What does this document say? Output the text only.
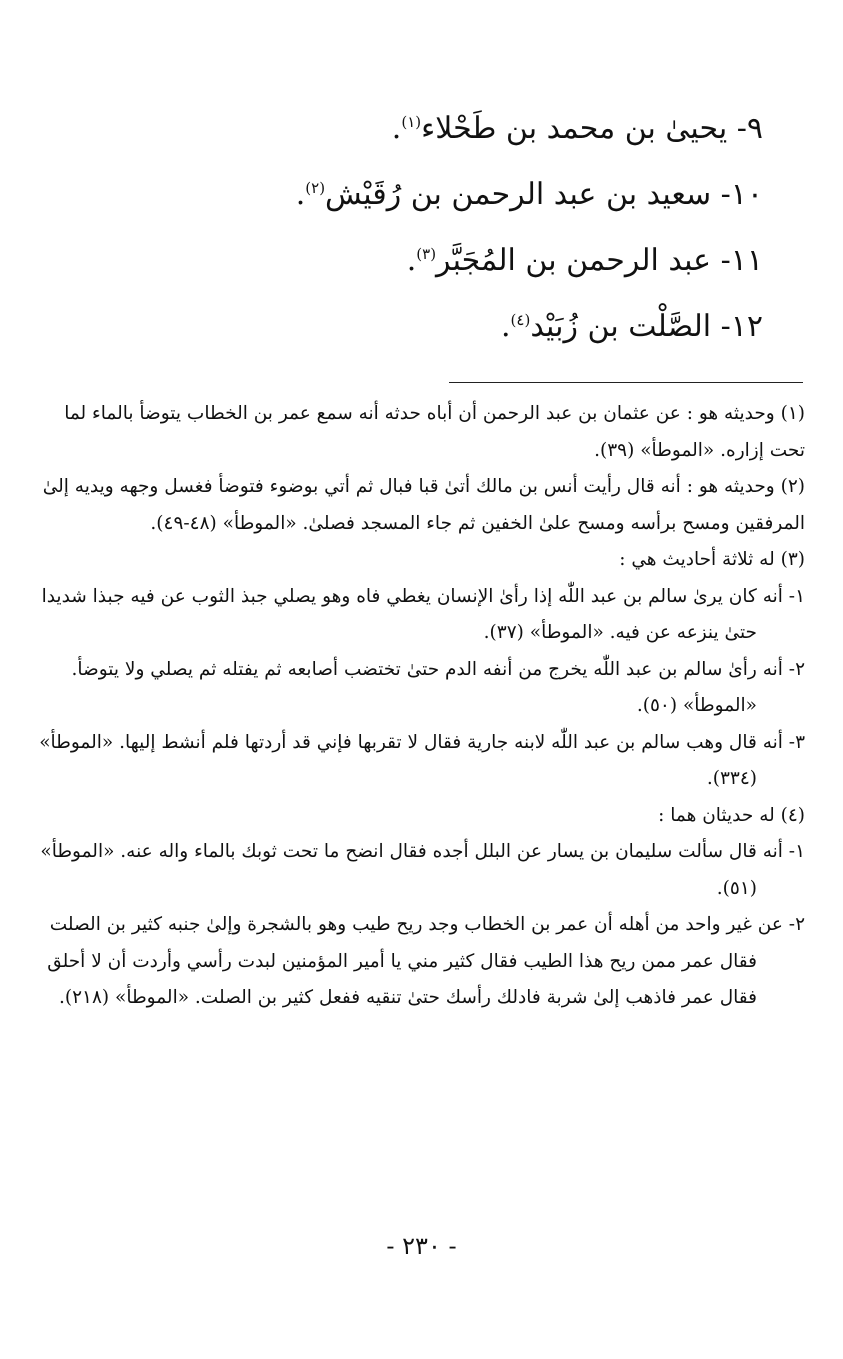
٩- يحيىٰ بن محمد بن طَحْلاء$^{(١)}$.
١٠- سعيد بن عبد الرحمن بن رُقَيْش$^{(٢)}$.
١١- عبد الرحمن بن المُجَبَّر$^{(٣)}$.
١٢- الصَّلْت بن زُبَيْد$^{(٤)}$.

(١) وحديثه هو : عن عثمان بن عبد الرحمن أن أباه حدثه أنه سمع عمر بن الخطاب يتوضأ بالماء لما تحت إزاره. «الموطأ» (٣٩).

(٢) وحديثه هو : أنه قال رأيت أنس بن مالك أتىٰ قبا فبال ثم أتي بوضوء فتوضأ فغسل وجهه ويديه إلىٰ المرفقين ومسح برأسه ومسح علىٰ الخفين ثم جاء المسجد فصلىٰ. «الموطأ» (٤٨-٤٩).

(٣) له ثلاثة أحاديث هي :

١- أنه كان يرىٰ سالم بن عبد اللّٰه إذا رأىٰ الإنسان يغطي فاه وهو يصلي جبذ الثوب عن فيه جبذا شديدا حتىٰ ينزعه عن فيه. «الموطأ» (٣٧).

٢- أنه رأىٰ سالم بن عبد اللّٰه يخرج من أنفه الدم حتىٰ تختضب أصابعه ثم يفتله ثم يصلي ولا يتوضأ. «الموطأ» (٥٠).

٣- أنه قال وهب سالم بن عبد اللّٰه لابنه جارية فقال لا تقربها فإني قد أردتها فلم أنشط إليها. «الموطأ» (٣٣٤).

(٤) له حديثان هما :

١- أنه قال سألت سليمان بن يسار عن البلل أجده فقال انضح ما تحت ثوبك بالماء واله عنه. «الموطأ» (٥١).

٢- عن غير واحد من أهله أن عمر بن الخطاب وجد ريح طيب وهو بالشجرة وإلىٰ جنبه كثير بن الصلت فقال عمر ممن ريح هذا الطيب فقال كثير مني يا أمير المؤمنين لبدت رأسي وأردت أن لا أحلق فقال عمر فاذهب إلىٰ شربة فادلك رأسك حتىٰ تنقيه ففعل كثير بن الصلت. «الموطأ» (٢١٨).

- ٢٣٠ -
